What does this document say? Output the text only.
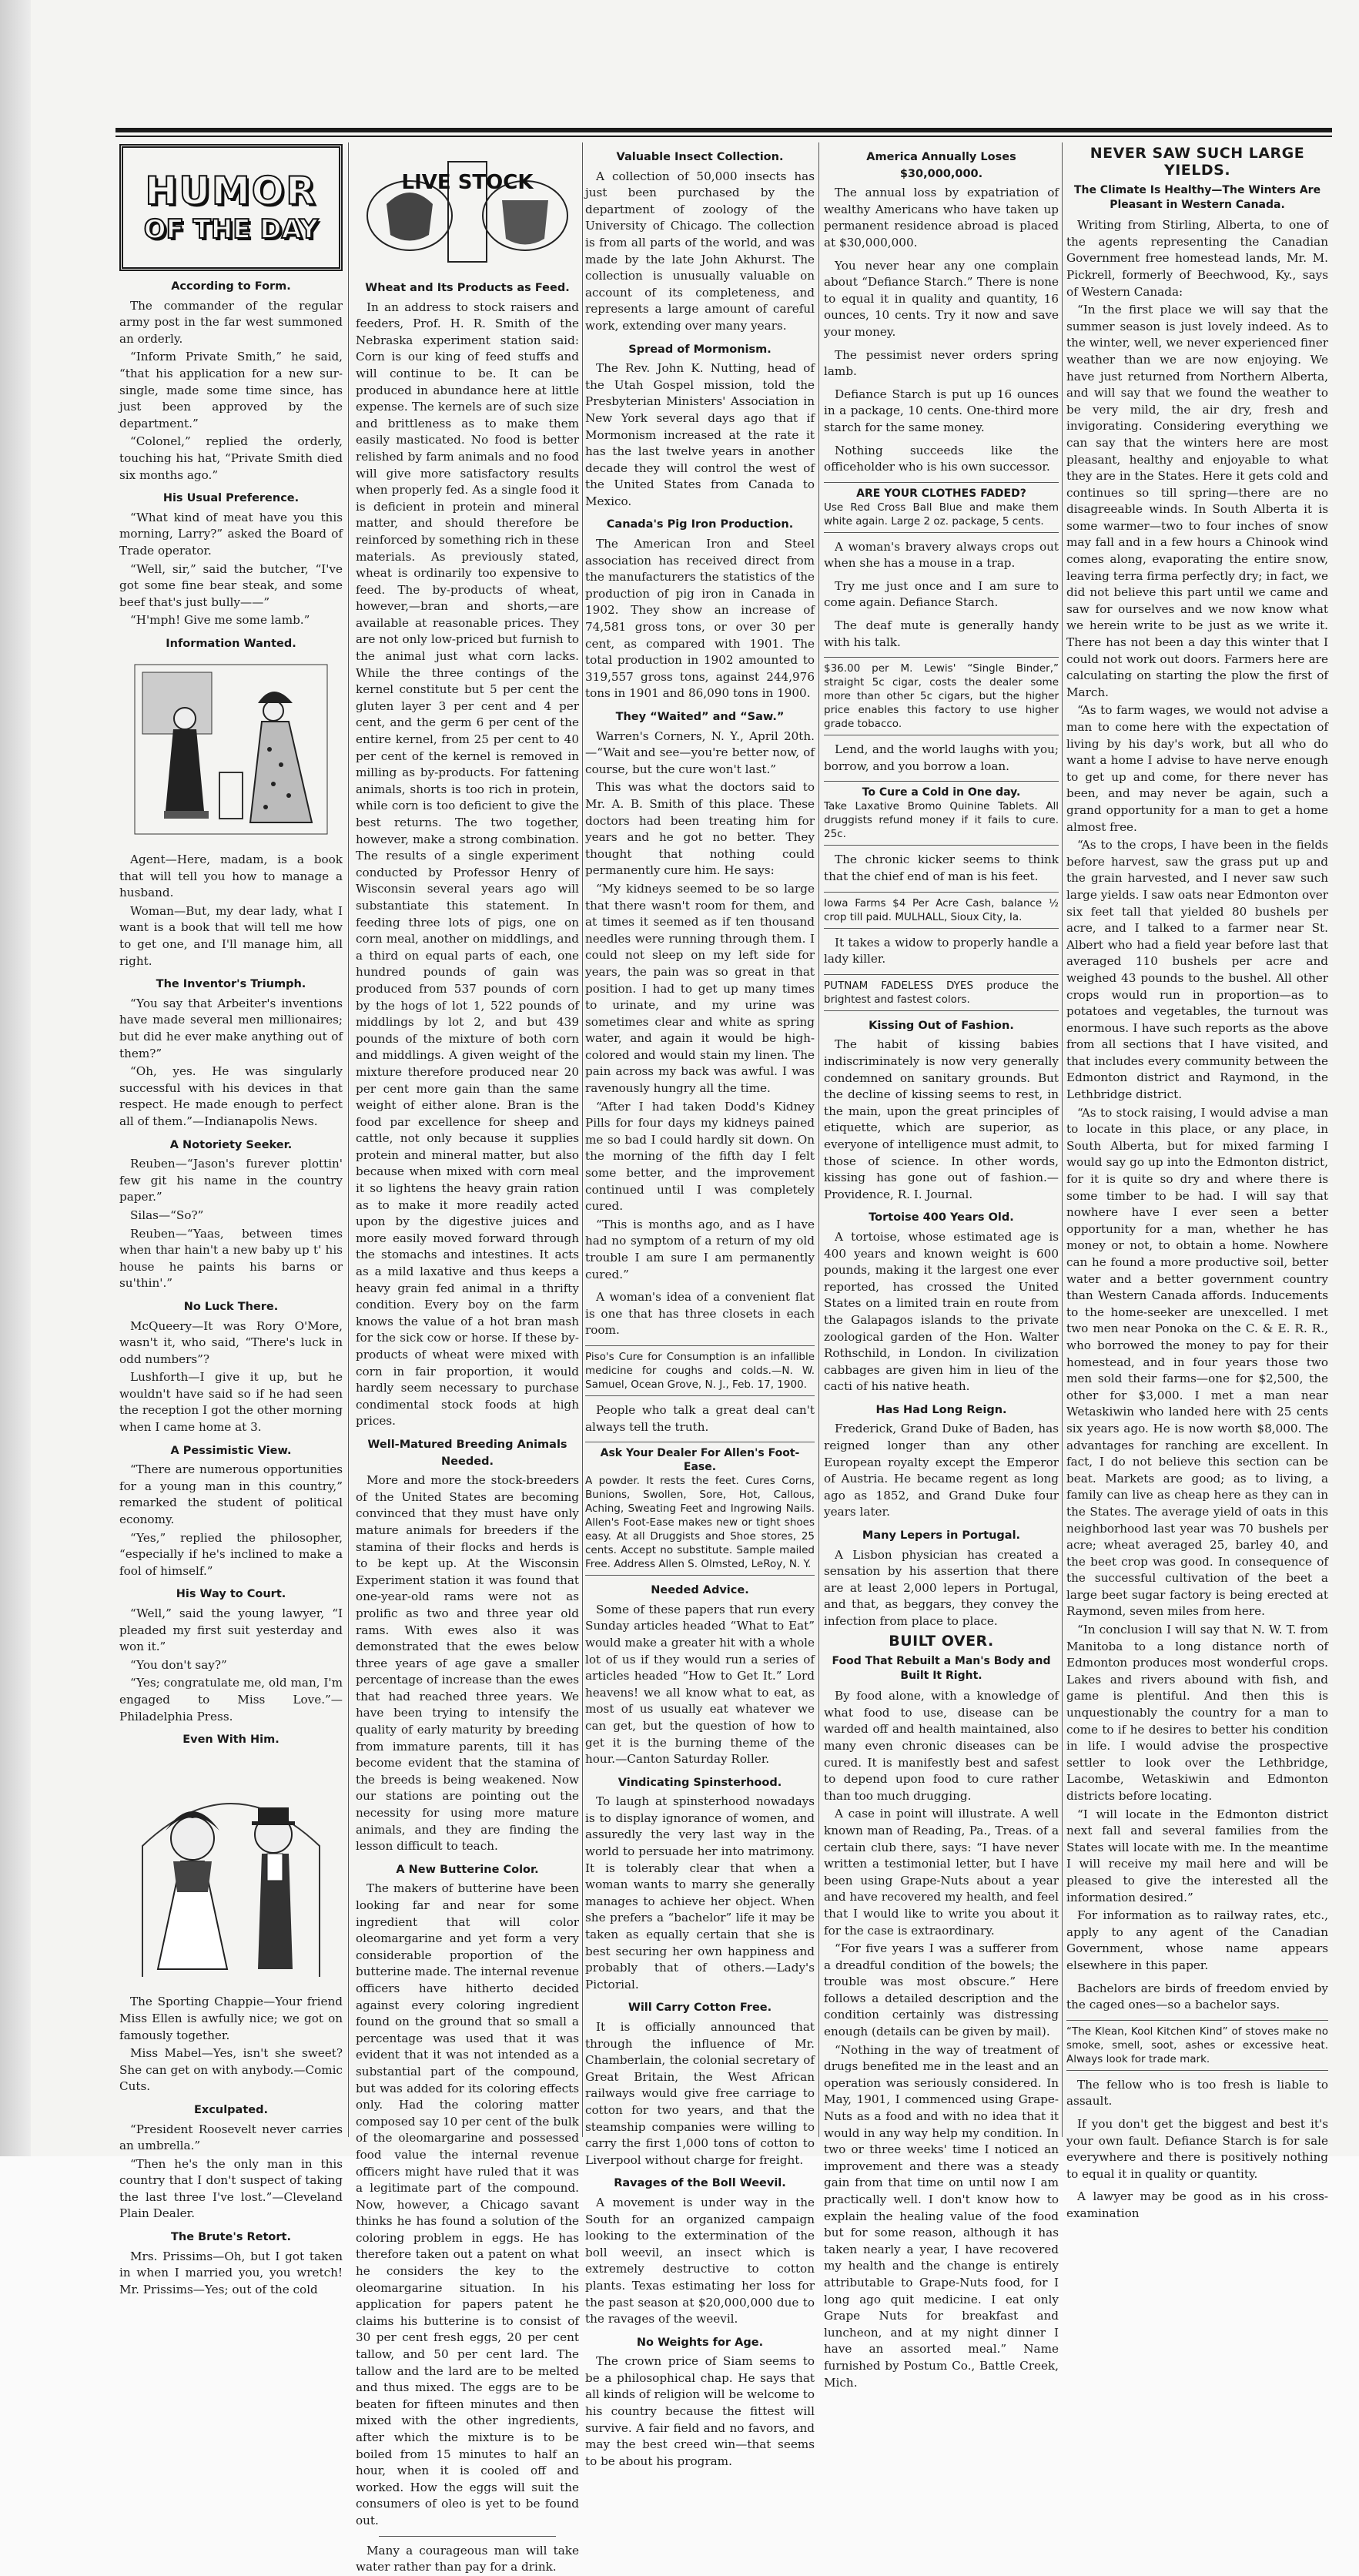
HUMOR
OF THE DAY
According to Form.

The commander of the regular army post in the far west summoned an orderly.

“Inform Private Smith,” he said, “that his application for a new sur-single, made some time since, has just been approved by the department.”

“Colonel,” replied the orderly, touching his hat, “Private Smith died six months ago.”

His Usual Preference.

“What kind of meat have you this morning, Larry?” asked the Board of Trade operator.

“Well, sir,” said the butcher, “I've got some fine bear steak, and some beef that's just bully——”

“H'mph! Give me some lamb.”

Information Wanted.

Agent—Here, madam, is a book that will tell you how to manage a husband.

Woman—But, my dear lady, what I want is a book that will tell me how to get one, and I'll manage him, all right.

The Inventor's Triumph.

“You say that Arbeiter's inventions have made several men millionaires; but did he ever make anything out of them?”

“Oh, yes. He was singularly successful with his devices in that respect. He made enough to perfect all of them.”—Indianapolis News.

A Notoriety Seeker.

Reuben—“Jason's furever plottin' few git his name in the country paper.”

Silas—“So?”

Reuben—“Yaas, between times when thar hain't a new baby up t' his house he paints his barns or su'thin'.”

No Luck There.

McQueery—It was Rory O'More, wasn't it, who said, “There's luck in odd numbers”?

Lushforth—I give it up, but he wouldn't have said so if he had seen the reception I got the other morning when I came home at 3.

A Pessimistic View.

“There are numerous opportunities for a young man in this country,” remarked the student of political economy.

“Yes,” replied the philosopher, “especially if he's inclined to make a fool of himself.”

His Way to Court.

“Well,” said the young lawyer, “I pleaded my first suit yesterday and won it.”

“You don't say?”

“Yes; congratulate me, old man, I'm engaged to Miss Love.”—Philadelphia Press.

Even With Him.

The Sporting Chappie—Your friend Miss Ellen is awfully nice; we got on famously together.

Miss Mabel—Yes, isn't she sweet? She can get on with anybody.—Comic Cuts.

Exculpated.

“President Roosevelt never carries an umbrella.”

“Then he's the only man in this country that I don't suspect of taking the last three I've lost.”—Cleveland Plain Dealer.

The Brute's Retort.

Mrs. Prissims—Oh, but I got taken in when I married you, you wretch! Mr. Prissims—Yes; out of the cold

LIVE STOCK
Wheat and Its Products as Feed.

In an address to stock raisers and feeders, Prof. H. R. Smith of the Nebraska experiment station said: Corn is our king of feed stuffs and will continue to be. It can be produced in abundance here at little expense. The kernels are of such size and brittleness as to make them easily masticated. No food is better relished by farm animals and no food will give more satisfactory results when properly fed. As a single food it is deficient in protein and mineral matter, and should therefore be reinforced by something rich in these materials. As previously stated, wheat is ordinarily too expensive to feed. The by-products of wheat, however,—bran and shorts,—are available at reasonable prices. They are not only low-priced but furnish to the animal just what corn lacks. While the three contings of the kernel constitute but 5 per cent the gluten layer 3 per cent and 4 per cent, and the germ 6 per cent of the entire kernel, from 25 per cent to 40 per cent of the kernel is removed in milling as by-products. For fattening animals, shorts is too rich in protein, while corn is too deficient to give the best returns. The two together, however, make a strong combination. The results of a single experiment conducted by Professor Henry of Wisconsin several years ago will substantiate this statement. In feeding three lots of pigs, one on corn meal, another on middlings, and a third on equal parts of each, one hundred pounds of gain was produced from 537 pounds of corn by the hogs of lot 1, 522 pounds of middlings by lot 2, and but 439 pounds of the mixture of both corn and middlings. A given weight of the mixture therefore produced near 20 per cent more gain than the same weight of either alone. Bran is the food par excellence for sheep and cattle, not only because it supplies protein and mineral matter, but also because when mixed with corn meal it so lightens the heavy grain ration as to make it more readily acted upon by the digestive juices and more easily moved forward through the stomachs and intestines. It acts as a mild laxative and thus keeps a heavy grain fed animal in a thrifty condition. Every boy on the farm knows the value of a hot bran mash for the sick cow or horse. If these by-products of wheat were mixed with corn in fair proportion, it would hardly seem necessary to purchase condimental stock foods at high prices.

Well-Matured Breeding Animals Needed.

More and more the stock-breeders of the United States are becoming convinced that they must have only mature animals for breeders if the stamina of their flocks and herds is to be kept up. At the Wisconsin Experiment station it was found that one-year-old rams were not as prolific as two and three year old rams. With ewes also it was demonstrated that the ewes below three years of age gave a smaller percentage of increase than the ewes that had reached three years. We have been trying to intensify the quality of early maturity by breeding from immature parents, till it has become evident that the stamina of the breeds is being weakened. Now our stations are pointing out the necessity for using more mature animals, and they are finding the lesson difficult to teach.

A New Butterine Color.

The makers of butterine have been looking far and near for some ingredient that will color oleomargarine and yet form a very considerable proportion of the butterine made. The internal revenue officers have hitherto decided against every coloring ingredient found on the ground that so small a percentage was used that it was evident that it was not intended as a substantial part of the compound, but was added for its coloring effects only. Had the coloring matter composed say 10 per cent of the bulk of the oleomargarine and possessed food value the internal revenue officers might have ruled that it was a legitimate part of the compound. Now, however, a Chicago savant thinks he has found a solution of the coloring problem in eggs. He has therefore taken out a patent on what he considers the key to the oleomargarine situation. In his application for papers patent he claims his butterine is to consist of 30 per cent fresh eggs, 20 per cent tallow, and 50 per cent lard. The tallow and the lard are to be melted and thus mixed. The eggs are to be beaten for fifteen minutes and then mixed with the other ingredients, after which the mixture is to be boiled from 15 minutes to half an hour, when it is cooled off and worked. How the eggs will suit the consumers of oleo is yet to be found out.

Many a courageous man will take water rather than pay for a drink.

Valuable Insect Collection.

A collection of 50,000 insects has just been purchased by the department of zoology of the University of Chicago. The collection is from all parts of the world, and was made by the late John Akhurst. The collection is unusually valuable on account of its completeness, and represents a large amount of careful work, extending over many years.

Spread of Mormonism.

The Rev. John K. Nutting, head of the Utah Gospel mission, told the Presbyterian Ministers' Association in New York several days ago that if Mormonism increased at the rate it has the last twelve years in another decade they will control the west of the United States from Canada to Mexico.

Canada's Pig Iron Production.

The American Iron and Steel association has received direct from the manufacturers the statistics of the production of pig iron in Canada in 1902. They show an increase of 74,581 gross tons, or over 30 per cent, as compared with 1901. The total production in 1902 amounted to 319,557 gross tons, against 244,976 tons in 1901 and 86,090 tons in 1900.

They “Waited” and “Saw.”

Warren's Corners, N. Y., April 20th. —“Wait and see—you're better now, of course, but the cure won't last.”

This was what the doctors said to Mr. A. B. Smith of this place. These doctors had been treating him for years and he got no better. They thought that nothing could permanently cure him. He says:

“My kidneys seemed to be so large that there wasn't room for them, and at times it seemed as if ten thousand needles were running through them. I could not sleep on my left side for years, the pain was so great in that position. I had to get up many times to urinate, and my urine was sometimes clear and white as spring water, and again it would be high-colored and would stain my linen. The pain across my back was awful. I was ravenously hungry all the time.

“After I had taken Dodd's Kidney Pills for four days my kidneys pained me so bad I could hardly sit down. On the morning of the fifth day I felt some better, and the improvement continued until I was completely cured.

“This is months ago, and as I have had no symptom of a return of my old trouble I am sure I am permanently cured.”

A woman's idea of a convenient flat is one that has three closets in each room.

Piso's Cure for Consumption is an infallible medicine for coughs and colds.—N. W. Samuel, Ocean Grove, N. J., Feb. 17, 1900.

People who talk a great deal can't always tell the truth.

Ask Your Dealer For Allen's Foot-Ease.
A powder. It rests the feet. Cures Corns, Bunions, Swollen, Sore, Hot, Callous, Aching, Sweating Feet and Ingrowing Nails. Allen's Foot-Ease makes new or tight shoes easy. At all Druggists and Shoe stores, 25 cents. Accept no substitute. Sample mailed Free. Address Allen S. Olmsted, LeRoy, N. Y.
Needed Advice.

Some of these papers that run every Sunday articles headed “What to Eat” would make a greater hit with a whole lot of us if they would run a series of articles headed “How to Get It.” Lord heavens! we all know what to eat, as most of us usually eat whatever we can get, but the question of how to get it is the burning theme of the hour.—Canton Saturday Roller.

Vindicating Spinsterhood.

To laugh at spinsterhood nowadays is to display ignorance of women, and assuredly the very last way in the world to persuade her into matrimony. It is tolerably clear that when a woman wants to marry she generally manages to achieve her object. When she prefers a “bachelor” life it may be taken as equally certain that she is best securing her own happiness and probably that of others.—Lady's Pictorial.

Will Carry Cotton Free.

It is officially announced that through the influence of Mr. Chamberlain, the colonial secretary of Great Britain, the West African railways would give free carriage to cotton for two years, and that the steamship companies were willing to carry the first 1,000 tons of cotton to Liverpool without charge for freight.

Ravages of the Boll Weevil.

A movement is under way in the South for an organized campaign looking to the extermination of the boll weevil, an insect which is extremely destructive to cotton plants. Texas estimating her loss for the past season at $20,000,000 due to the ravages of the weevil.

No Weights for Age.

The crown price of Siam seems to be a philosophical chap. He says that all kinds of religion will be welcome to his country because the fittest will survive. A fair field and no favors, and may the best creed win—that seems to be about his program.

America Annually Loses $30,000,000.

The annual loss by expatriation of wealthy Americans who have taken up permanent residence abroad is placed at $30,000,000.

You never hear any one complain about “Defiance Starch.” There is none to equal it in quality and quantity, 16 ounces, 10 cents. Try it now and save your money.

The pessimist never orders spring lamb.

Defiance Starch is put up 16 ounces in a package, 10 cents. One-third more starch for the same money.

Nothing succeeds like the officeholder who is his own successor.

ARE YOUR CLOTHES FADED?
Use Red Cross Ball Blue and make them white again. Large 2 oz. package, 5 cents.

A woman's bravery always crops out when she has a mouse in a trap.

Try me just once and I am sure to come again. Defiance Starch.

The deaf mute is generally handy with his talk.

$36.00 per M. Lewis' “Single Binder,” straight 5c cigar, costs the dealer some more than other 5c cigars, but the higher price enables this factory to use higher grade tobacco.

Lend, and the world laughs with you; borrow, and you borrow a loan.

To Cure a Cold in One day.
Take Laxative Bromo Quinine Tablets. All druggists refund money if it fails to cure. 25c.

The chronic kicker seems to think that the chief end of man is his feet.

Iowa Farms $4 Per Acre Cash, balance ½ crop till paid. MULHALL, Sioux City, Ia.

It takes a widow to properly handle a lady killer.

PUTNAM FADELESS DYES produce the brightest and fastest colors.
Kissing Out of Fashion.

The habit of kissing babies indiscriminately is now very generally condemned on sanitary grounds. But the decline of kissing seems to rest, in the main, upon the great principles of etiquette, which are superior, as everyone of intelligence must admit, to those of science. In other words, kissing has gone out of fashion.—Providence, R. I. Journal.

Tortoise 400 Years Old.

A tortoise, whose estimated age is 400 years and known weight is 600 pounds, making it the largest one ever reported, has crossed the United States on a limited train en route from the Galapagos islands to the private zoological garden of the Hon. Walter Rothschild, in London. In civilization cabbages are given him in lieu of the cacti of his native heath.

Has Had Long Reign.

Frederick, Grand Duke of Baden, has reigned longer than any other European royalty except the Emperor of Austria. He became regent as long ago as 1852, and Grand Duke four years later.

Many Lepers in Portugal.

A Lisbon physician has created a sensation by his assertion that there are at least 2,000 lepers in Portugal, and that, as beggars, they convey the infection from place to place.

BUILT OVER.
Food That Rebuilt a Man's Body and Built It Right.

By food alone, with a knowledge of what food to use, disease can be warded off and health maintained, also many even chronic diseases can be cured. It is manifestly best and safest to depend upon food to cure rather than too much drugging.

A case in point will illustrate. A well known man of Reading, Pa., Treas. of a certain club there, says: “I have never written a testimonial letter, but I have been using Grape-Nuts about a year and have recovered my health, and feel that I would like to write you about it for the case is extraordinary.

“For five years I was a sufferer from a dreadful condition of the bowels; the trouble was most obscure.” Here follows a detailed description and the condition certainly was distressing enough (details can be given by mail).

“Nothing in the way of treatment of drugs benefited me in the least and an operation was seriously considered. In May, 1901, I commenced using Grape-Nuts as a food and with no idea that it would in any way help my condition. In two or three weeks' time I noticed an improvement and there was a steady gain from that time on until now I am practically well. I don't know how to explain the healing value of the food but for some reason, although it has taken nearly a year, I have recovered my health and the change is entirely attributable to Grape-Nuts food, for I long ago quit medicine. I eat only Grape Nuts for breakfast and luncheon, and at my night dinner I have an assorted meal.” Name furnished by Postum Co., Battle Creek, Mich.

NEVER SAW SUCH LARGE YIELDS.
The Climate Is Healthy—The Winters Are Pleasant in Western Canada.

Writing from Stirling, Alberta, to one of the agents representing the Canadian Government free homestead lands, Mr. M. Pickrell, formerly of Beechwood, Ky., says of Western Canada:

“In the first place we will say that the summer season is just lovely indeed. As to the winter, well, we never experienced finer weather than we are now enjoying. We have just returned from Northern Alberta, and will say that we found the weather to be very mild, the air dry, fresh and invigorating. Considering everything we can say that the winters here are most pleasant, healthy and enjoyable to what they are in the States. Here it gets cold and continues so till spring—there are no disagreeable winds. In South Alberta it is some warmer—two to four inches of snow may fall and in a few hours a Chinook wind comes along, evaporating the entire snow, leaving terra firma perfectly dry; in fact, we did not believe this part until we came and saw for ourselves and we now know what we herein write to be just as we write it. There has not been a day this winter that I could not work out doors. Farmers here are calculating on starting the plow the first of March.

“As to farm wages, we would not advise a man to come here with the expectation of living by his day's work, but all who do want a home I advise to have nerve enough to get up and come, for there never has been, and may never be again, such a grand opportunity for a man to get a home almost free.

“As to the crops, I have been in the fields before harvest, saw the grass put up and the grain harvested, and I never saw such large yields. I saw oats near Edmonton over six feet tall that yielded 80 bushels per acre, and I talked to a farmer near St. Albert who had a field year before last that averaged 110 bushels per acre and weighed 43 pounds to the bushel. All other crops would run in proportion—as to potatoes and vegetables, the turnout was enormous. I have such reports as the above from all sections that I have visited, and that includes every community between the Edmonton district and Raymond, in the Lethbridge district.

“As to stock raising, I would advise a man to locate in this place, or any place, in South Alberta, but for mixed farming I would say go up into the Edmonton district, for it is quite so dry and where there is some timber to be had. I will say that nowhere have I ever seen a better opportunity for a man, whether he has money or not, to obtain a home. Nowhere can he found a more productive soil, better water and a better government country than Western Canada affords. Inducements to the home-seeker are unexcelled. I met two men near Ponoka on the C. & E. R. R., who borrowed the money to pay for their homestead, and in four years those two men sold their farms—one for $2,500, the other for $3,000. I met a man near Wetaskiwin who landed here with 25 cents six years ago. He is now worth $8,000. The advantages for ranching are excellent. In fact, I do not believe this section can be beat. Markets are good; as to living, a family can live as cheap here as they can in the States. The average yield of oats in this neighborhood last year was 70 bushels per acre; wheat averaged 25, barley 40, and the beet crop was good. In consequence of the successful cultivation of the beet a large beet sugar factory is being erected at Raymond, seven miles from here.

“In conclusion I will say that N. W. T. from Manitoba to a long distance north of Edmonton produces most wonderful crops. Lakes and rivers abound with fish, and game is plentiful. And then this is unquestionably the country for a man to come to if he desires to better his condition in life. I would advise the prospective settler to look over the Lethbridge, Lacombe, Wetaskiwin and Edmonton districts before locating.

“I will locate in the Edmonton district next fall and several families from the States will locate with me. In the meantime I will receive my mail here and will be pleased to give the interested all the information desired.”

For information as to railway rates, etc., apply to any agent of the Canadian Government, whose name appears elsewhere in this paper.

Bachelors are birds of freedom envied by the caged ones—so a bachelor says.

“The Klean, Kool Kitchen Kind” of stoves make no smoke, smell, soot, ashes or excessive heat. Always look for trade mark.

The fellow who is too fresh is liable to assault.

If you don't get the biggest and best it's your own fault. Defiance Starch is for sale everywhere and there is positively nothing to equal it in quality or quantity.

A lawyer may be good as in his cross-examination
